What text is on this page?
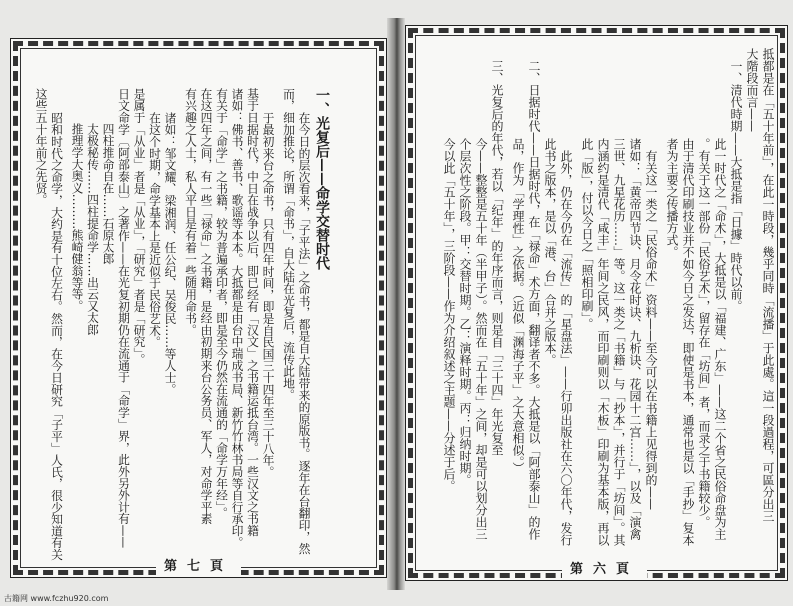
一、光复后——命学交替时代
在今日的层次看来，「子平法」之命书，都是自大陆带来的原版书。逐年在台翻印，然
而，细加推论，所谓「命书」，自大陆在光复后，流传此地。
于最初来台之命书，只有四年时间，即是自民国三十四年至三十八年。
基于日据时代，中日在战争以后，即已经有「汉文」之书籍运抵台湾。一些汉文之书籍
诸如：佛书、善书、歌谣等本本。大抵都是由台中瑞成书局、新竹竹林书局等自行承印。
有关于「命学」之书籍，较为普遍承印者，即是至今仍然在流通的「命学万年经」。
在这四年之间，有一些「禄命」之书籍，是经由初期来台公务员、军人，对命学平素
有兴趣之人士，私人平日是有着一些随用命书。
诸如：邹文耀、梁湘润、任公纪、吴俊民……等人士。
在这个时期，命学基本上是近似于民俗艺术。
是属于「从业」者是「从业」，「研究」者是「研究」。
日文命学〔阿部泰山〕之著作——在光复初期仍在流通于「命学」界，此外另外计有——
四柱推命自在……石原太郎
太极秘传……四柱提命学……出云又太郎
推理学大奥义………熊崎健翁等等。
昭和时代之命学，大约是有十位左右。然而，在今日研究「子平」人氏，很少知道有关
这些五十年前之先贤。
第七頁
抵都是在「五十年前」，在此一時段，幾乎同時「流播」于此處。這一段過程，可區分出三
大階段而言——
一、清代時期——大抵是指「日據」時代以前。
此一时代之「命术」，大抵是以「福建、广东」——这二个省之民俗命盘为主
。有关于这一部份「民俗艺术」，留存在「坊间」者，而录之于书籍较少。
由于清代印刷技业并不如今日之发达，即使是书本，通常也是以「手抄」复本
者为主要之传播方式。
有关这一类之「民俗命术」资料——至今可以在书籍上见得到的——
诸如：「黄帝四节诀、月令花时诀、九析诀、花园十二宫……」，以及「演禽
三世、九星花历……」等。这一类之「书籍」与「抄本」，并行于「坊间」。其
内涵约是清代「咸丰」年间之民风，而印刷则以「木板」印刷为基本版，再以
此「版」，付以今日之「照相印刷」。
此外，仍在今仍在「流传」的「星盘法」——行卯出版社在六〇年代，发行
此书之版本，是以「港、台」合并之版本。
二、日据时代——日据时代，在「禄命」术方面，翻译者不多。大抵是以「阿部泰山」的作
品，作为「学理性」之依据。（近似「渊海子平」之大意相似。）
三、光复后的年代，若以「纪年」的年序而言，则是自「三十四」年光复至
今——整整是五十年（半甲子）。然而在「五十年」之间，却是可以划分出三
个层次性之阶段。甲：交替时期。乙：演释时期。丙：归纳时期。
今以此「五十年」，三阶段——作为介绍叙述之主题——分述于后。
第六頁
古籍网 www.fczhu920.com
